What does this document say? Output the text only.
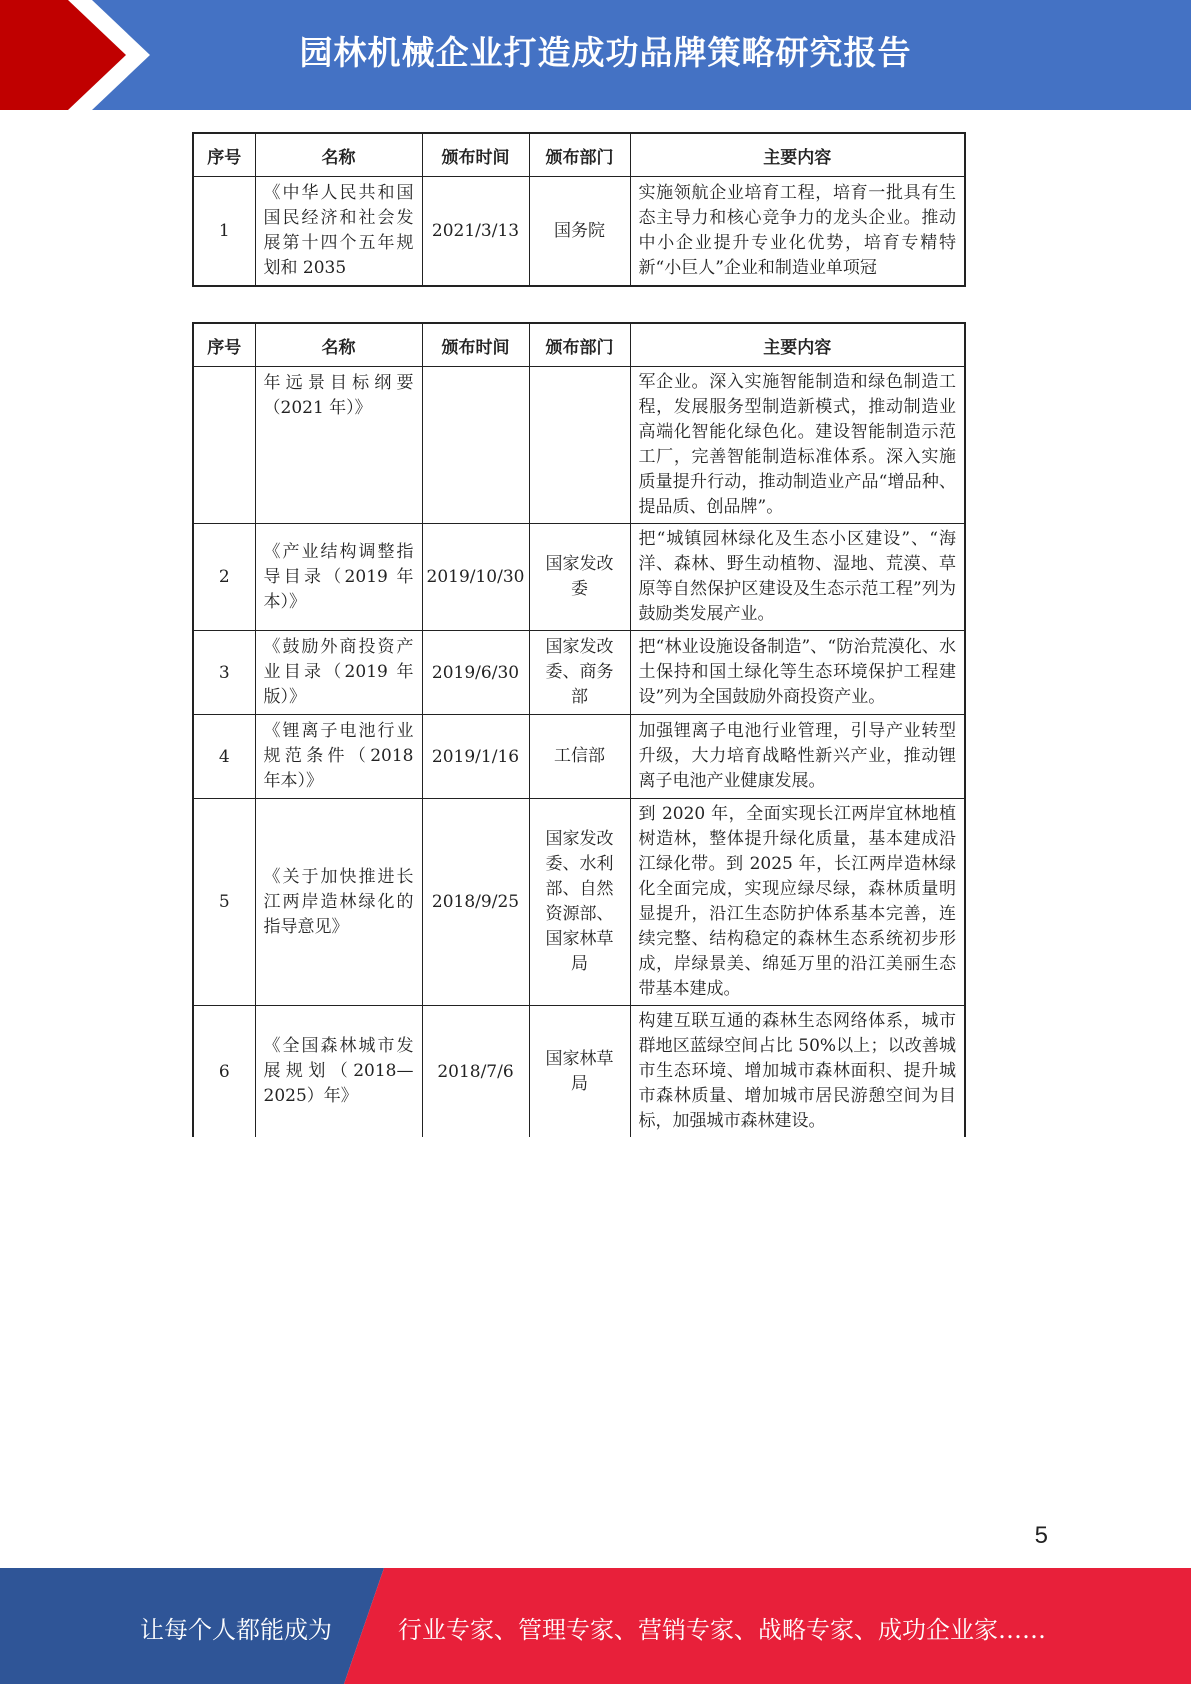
园林机械企业打造成功品牌策略研究报告
序号	名称	颁布时间	颁布部门	主要内容
1	《中华人民共和国国民经济和社会发展第十四个五年规划和 2035	2021/3/13	国务院	实施领航企业培育工程，培育一批具有生态主导力和核心竞争力的龙头企业。推动中小企业提升专业化优势，培育专精特新“小巨人”企业和制造业单项冠
序号	名称	颁布时间	颁布部门	主要内容
	年远景目标纲要（2021 年）》			军企业。深入实施智能制造和绿色制造工程，发展服务型制造新模式，推动制造业高端化智能化绿色化。建设智能制造示范工厂，完善智能制造标准体系。深入实施质量提升行动，推动制造业产品“增品种、提品质、创品牌”。
2	《产业结构调整指导目录（2019 年本）》	2019/10/30	国家发改委	把“城镇园林绿化及生态小区建设”、“海洋、森林、野生动植物、湿地、荒漠、草原等自然保护区建设及生态示范工程”列为鼓励类发展产业。
3	《鼓励外商投资产业目录（2019 年版）》	2019/6/30	国家发改委、商务部	把“林业设施设备制造”、“防治荒漠化、水土保持和国土绿化等生态环境保护工程建设”列为全国鼓励外商投资产业。
4	《锂离子电池行业规范条件（2018 年本）》	2019/1/16	工信部	加强锂离子电池行业管理，引导产业转型升级，大力培育战略性新兴产业，推动锂离子电池产业健康发展。
5	《关于加快推进长江两岸造林绿化的指导意见》	2018/9/25	国家发改委、水利部、自然资源部、国家林草局	到 2020 年，全面实现长江两岸宜林地植树造林，整体提升绿化质量，基本建成沿江绿化带。到 2025 年，长江两岸造林绿化全面完成，实现应绿尽绿，森林质量明显提升，沿江生态防护体系基本完善，连续完整、结构稳定的森林生态系统初步形成，岸绿景美、绵延万里的沿江美丽生态带基本建成。
6	《全国森林城市发展规划（2018—2025）年》	2018/7/6	国家林草局	构建互联互通的森林生态网络体系，城市群地区蓝绿空间占比 50%以上；以改善城市生态环境、增加城市森林面积、提升城市森林质量、增加城市居民游憩空间为目标，加强城市森林建设。
5
让每个人都能成为	行业专家、管理专家、营销专家、战略专家、成功企业家……
